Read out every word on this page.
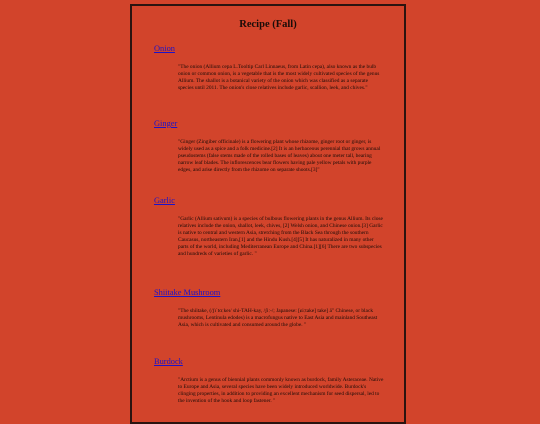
Recipe (Fall)
Onion

"The onion (Allium cepa L.Tooltip Carl Linnaeus, from Latin cepa), also known as the bulb onion or common onion, is a vegetable that is the most widely cultivated species of the genus Allium. The shallot is a botanical variety of the onion which was classified as a separate species until 2011. The onion's close relatives include garlic, scallion, leek, and chives."

Ginger

"Ginger (Zingiber officinale) is a flowering plant whose rhizome, ginger root or ginger, is widely used as a spice and a folk medicine.[2] It is an herbaceous perennial that grows annual pseudostems (false stems made of the rolled bases of leaves) about one meter tall, bearing narrow leaf blades. The inflorescences bear flowers having pale yellow petals with purple edges, and arise directly from the rhizome on separate shoots.[3]"

Garlic

"Garlic (Allium sativum) is a species of bulbous flowering plants in the genus Allium. Its close relatives include the onion, shallot, leek, chives, [2] Welsh onion, and Chinese onion.[3] Garlic is native to central and western Asia, stretching from the Black Sea through the southern Caucasus, northeastern Iran,[1] and the Hindu Kush.[4][5] It has naturalized in many other parts of the world, including Mediterranean Europe and China.[1][6] There are two subspecies and hundreds of varieties of garlic. "

Shiitake Mushroom

"The shiitake, (/ʃɪˈtɑːkeɪ/ shi-TAH-kay, /ʃiː-/; Japanese: [ɕiːtake] take] ä" Chinese, or black mushrooms, Lentinula edodes) is a macrofungus native to East Asia and mainland Southeast Asia, which is cultivated and consumed around the globe. "

Burdock

"Arctium is a genus of biennial plants commonly known as burdock, family Asteraceae. Native to Europe and Asia, several species have been widely introduced worldwide. Burdock's clinging properties, in addition to providing an excellent mechanism for seed dispersal, led to the invention of the hook and loop fastener. "
